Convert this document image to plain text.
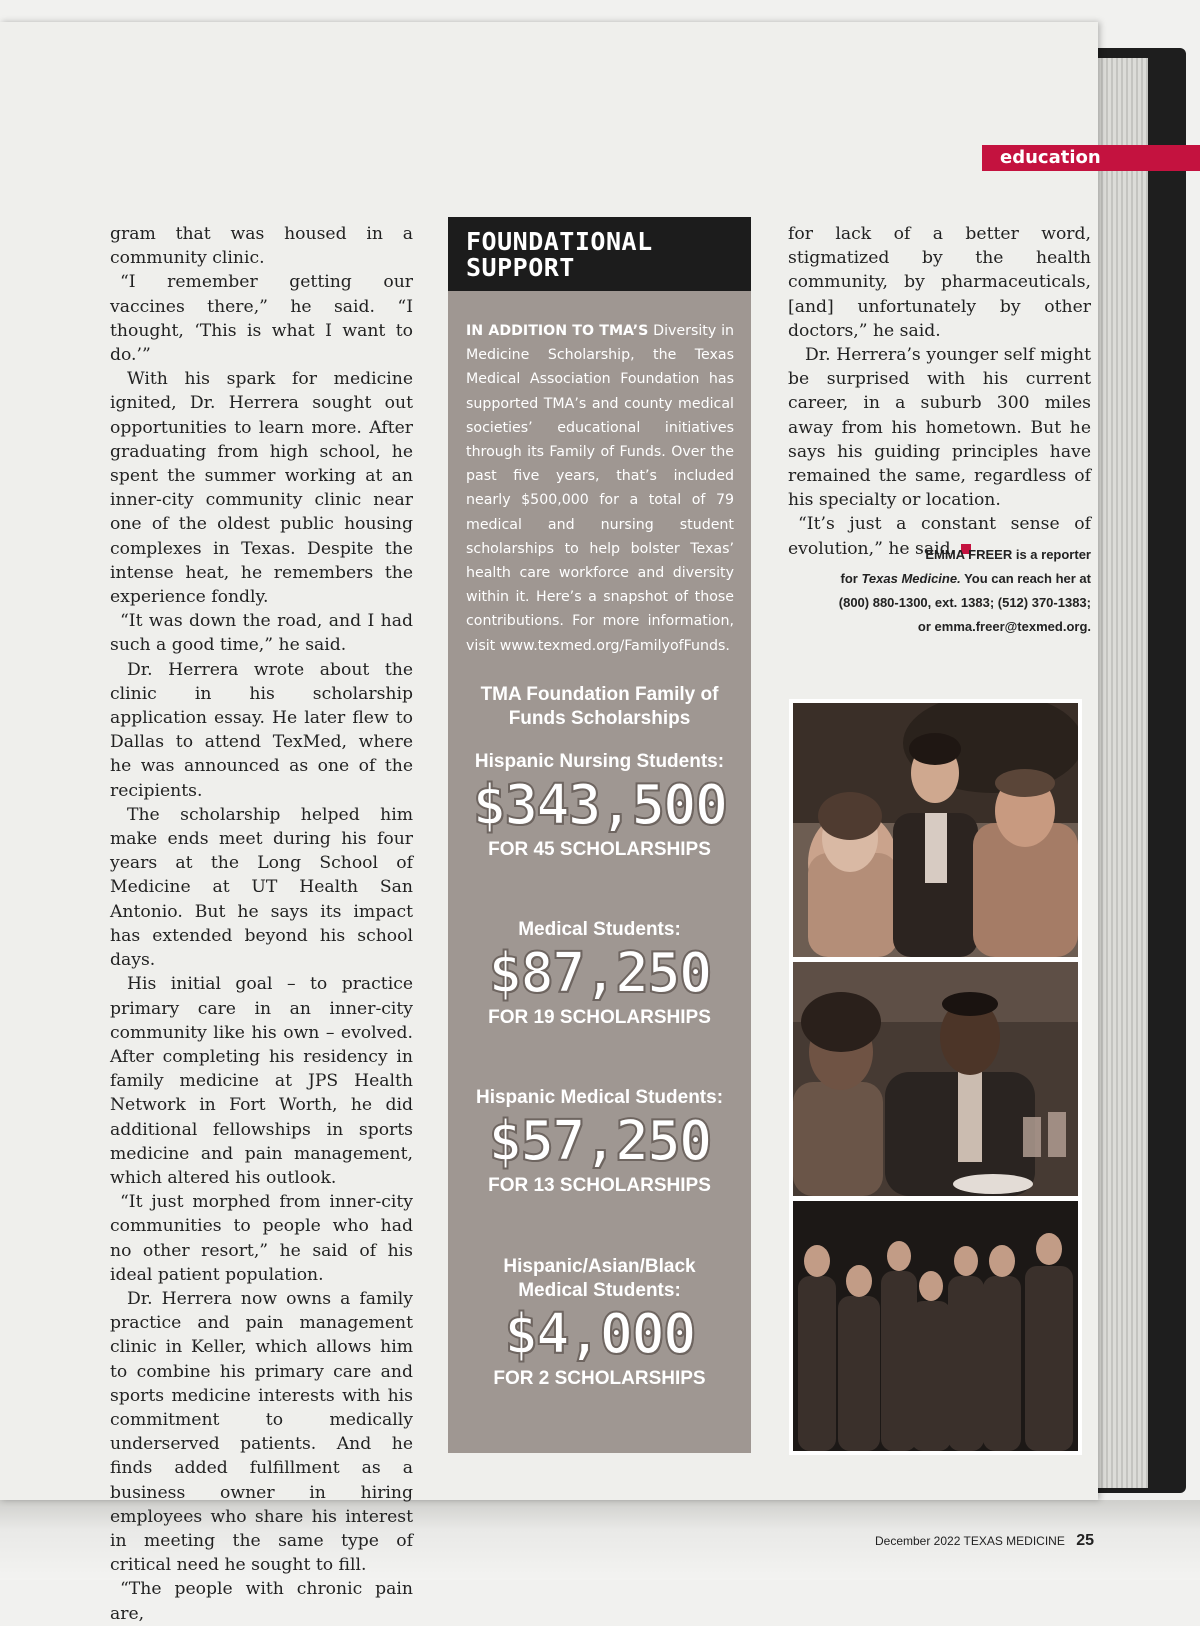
education

gram that was housed in a community clinic.

“I remember getting our vaccines there,” he said. “I thought, ‘This is what I want to do.’”

With his spark for medicine ignited, Dr. Herrera sought out opportunities to learn more. After graduating from high school, he spent the summer working at an inner-city community clinic near one of the oldest public housing complexes in Texas. Despite the intense heat, he remembers the experience fondly.

“It was down the road, and I had such a good time,” he said.

Dr. Herrera wrote about the clinic in his scholarship application essay. He later flew to Dallas to attend TexMed, where he was announced as one of the recipients.

The scholarship helped him make ends meet during his four years at the Long School of Medicine at UT Health San Antonio. But he says its impact has extended beyond his school days.

His initial goal – to practice primary care in an inner-city community like his own – evolved. After completing his residency in family medicine at JPS Health Network in Fort Worth, he did additional fellowships in sports medicine and pain management, which altered his outlook.

“It just morphed from inner-city communities to people who had no other resort,” he said of his ideal patient population.

Dr. Herrera now owns a family practice and pain management clinic in Keller, which allows him to combine his primary care and sports medicine interests with his commitment to medically underserved patients. And he finds added fulfillment as a business owner in hiring employees who share his interest in meeting the same type of critical need he sought to fill.

“The people with chronic pain are,

FOUNDATIONAL
SUPPORT
IN ADDITION TO TMA’S Diversity in Medicine Scholarship, the Texas Medical Association Foundation has supported TMA’s and county medical societies’ educational initiatives through its Family of Funds. Over the past five years, that’s included nearly $500,000 for a total of 79 medical and nursing student scholarships to help bolster Texas’ health care workforce and diversity within it. Here’s a snapshot of those contributions. For more information, visit www.texmed.org/FamilyofFunds.
TMA Foundation Family of
Funds Scholarships
Hispanic Nursing Students:
$343,500
FOR 45 SCHOLARSHIPS
Medical Students:
$87,250
FOR 19 SCHOLARSHIPS
Hispanic Medical Students:
$57,250
FOR 13 SCHOLARSHIPS
Hispanic/Asian/Black
Medical Students:
$4,000
FOR 2 SCHOLARSHIPS

for lack of a better word, stigmatized by the health community, by pharmaceuticals, [and] unfortunately by other doctors,” he said.

Dr. Herrera’s younger self might be surprised with his current career, in a suburb 300 miles away from his hometown. But he says his guiding principles have remained the same, regardless of his specialty or location.

“It’s just a constant sense of evolution,” he said.

EMMA FREER is a reporter

for Texas Medicine. You can reach her at

(800) 880-1300, ext. 1383; (512) 370-1383;

or emma.freer@texmed.org.

December 2022 TEXAS MEDICINE 25
